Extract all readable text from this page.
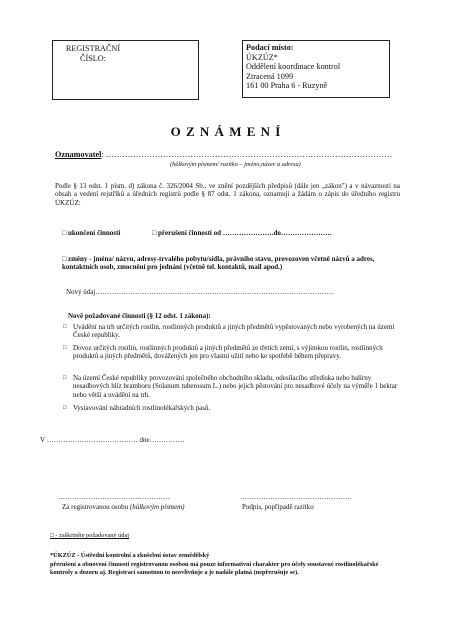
REGISTRAČNÍ
ČÍSLO:
Podací místo:
ÚKZÚZ*
Oddělení koordinace kontrol
Ztracená 1099
161 00 Praha 6 - Ruzyně
O Z N Á M E N Í
Oznamovatel: ……………………………………………………………………………………………
(hůlkovým písmem/ razítko – jméno,název a adresa)
Podle § 13 odst. 1 písm. d) zákona č. 326/2004 Sb., ve znění pozdějších předpisů (dále jen „zákon") a v návaznosti na obsah a vedení rejstříků a úředních registrů podle § 87 odst. 1 zákona, oznamuji a žádám o zápis do úředního registru ÚKZÚZ:
□ ukončení činnosti	□ přerušení činnosti od ………………….do………………….
□ změny - jména/ názvu, adresy-trvalého pobytu/sídla, právního stavu, provozoven včetně názvů a adres, kontaktních osob, zmocnění pro jednání (včetně tel. kontaktů, mail apod.)
Nový údaj…………………………………………………………………………………………
Nově požadované činnosti (§ 12 odst. 1 zákona):
□ Uvádění na trh určitých rostlin, rostlinných produktů a jiných předmětů vypěstovaných nebo vyrobených na území České republiky.
□ Dovoz určitých rostlin, rostlinných produktů a jiných předmětů ze třetích zemí, s výjimkou rostlin, rostlinných produktů a jiných předmětů, dovážených jen pro vlastní užití nebo ke spotřebě během přepravy.
□ Na území České republiky provozování společného obchodního skladu, odesílacího střediska nebo balírny nesadbových hlíz bramboru (Solanum tuberosum L.) nebo jejich pěstování pro nesadbové účely na výměře 1 hektar nebo větší a uvádění na trh.
□ Vystavování náhradních rostlinolékařských pasů.
V ………………………………… dne……………
…………………………………………	…………………………………………
Za registrovanou osobu (hůlkovým písmem)	Podpis, popřípadě razítko
□ - zaškrtněte požadovaný údaj
*ÚKZÚZ - Ústřední kontrolní a zkušební ústav zemědělský
přerušení a obnovení činnosti registrovanou osobou má pouze informativní charakter pro účely soustavné rostlinolékařské kontroly a dozoru aj. Registrací samotnou to neovlivňuje a je nadále platná (nepřerušuje se).
